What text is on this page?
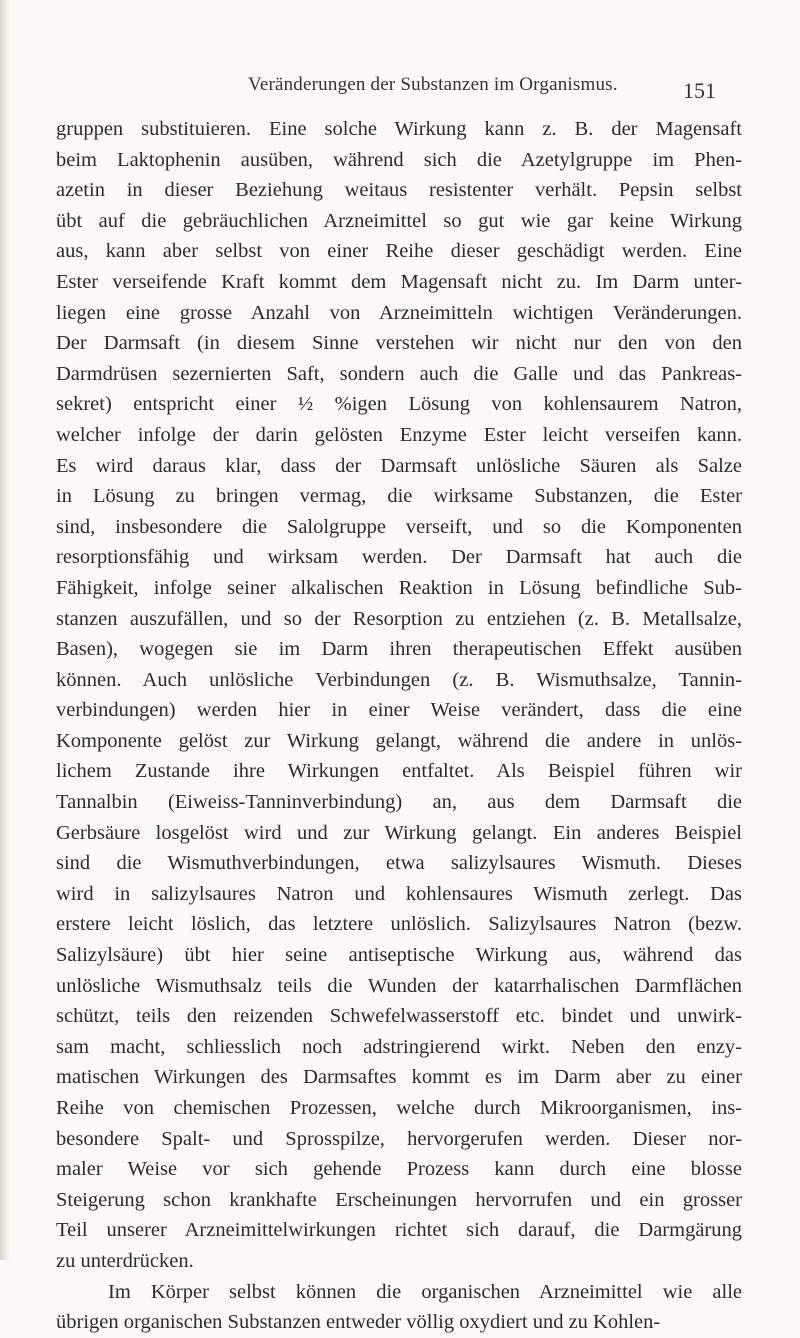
Veränderungen der Substanzen im Organismus.	151
gruppen substituieren. Eine solche Wirkung kann z. B. der Magensaft
beim Laktophenin ausüben, während sich die Azetylgruppe im Phen-
azetin in dieser Beziehung weitaus resistenter verhält. Pepsin selbst
übt auf die gebräuchlichen Arzneimittel so gut wie gar keine Wirkung
aus, kann aber selbst von einer Reihe dieser geschädigt werden. Eine
Ester verseifende Kraft kommt dem Magensaft nicht zu. Im Darm unter-
liegen eine grosse Anzahl von Arzneimitteln wichtigen Veränderungen.
Der Darmsaft (in diesem Sinne verstehen wir nicht nur den von den
Darmdrüsen sezernierten Saft, sondern auch die Galle und das Pankreas-
sekret) entspricht einer ½ %igen Lösung von kohlensaurem Natron,
welcher infolge der darin gelösten Enzyme Ester leicht verseifen kann.
Es wird daraus klar, dass der Darmsaft unlösliche Säuren als Salze
in Lösung zu bringen vermag, die wirksame Substanzen, die Ester
sind, insbesondere die Salolgruppe verseift, und so die Komponenten
resorptionsfähig und wirksam werden. Der Darmsaft hat auch die
Fähigkeit, infolge seiner alkalischen Reaktion in Lösung befindliche Sub-
stanzen auszufällen, und so der Resorption zu entziehen (z. B. Metallsalze,
Basen), wogegen sie im Darm ihren therapeutischen Effekt ausüben
können. Auch unlösliche Verbindungen (z. B. Wismuthsalze, Tannin-
verbindungen) werden hier in einer Weise verändert, dass die eine
Komponente gelöst zur Wirkung gelangt, während die andere in unlös-
lichem Zustande ihre Wirkungen entfaltet. Als Beispiel führen wir
Tannalbin (Eiweiss-Tanninverbindung) an, aus dem Darmsaft die
Gerbsäure losgelöst wird und zur Wirkung gelangt. Ein anderes Beispiel
sind die Wismuthverbindungen, etwa salizylsaures Wismuth. Dieses
wird in salizylsaures Natron und kohlensaures Wismuth zerlegt. Das
erstere leicht löslich, das letztere unlöslich. Salizylsaures Natron (bezw.
Salizylsäure) übt hier seine antiseptische Wirkung aus, während das
unlösliche Wismuthsalz teils die Wunden der katarrhalischen Darmflächen
schützt, teils den reizenden Schwefelwasserstoff etc. bindet und unwirk-
sam macht, schliesslich noch adstringierend wirkt. Neben den enzy-
matischen Wirkungen des Darmsaftes kommt es im Darm aber zu einer
Reihe von chemischen Prozessen, welche durch Mikroorganismen, ins-
besondere Spalt- und Sprosspilze, hervorgerufen werden. Dieser nor-
maler Weise vor sich gehende Prozess kann durch eine blosse
Steigerung schon krankhafte Erscheinungen hervorrufen und ein grosser
Teil unserer Arzneimittelwirkungen richtet sich darauf, die Darmgärung
zu unterdrücken.
Im Körper selbst können die organischen Arzneimittel wie alle
übrigen organischen Substanzen entweder völlig oxydiert und zu Kohlen-
